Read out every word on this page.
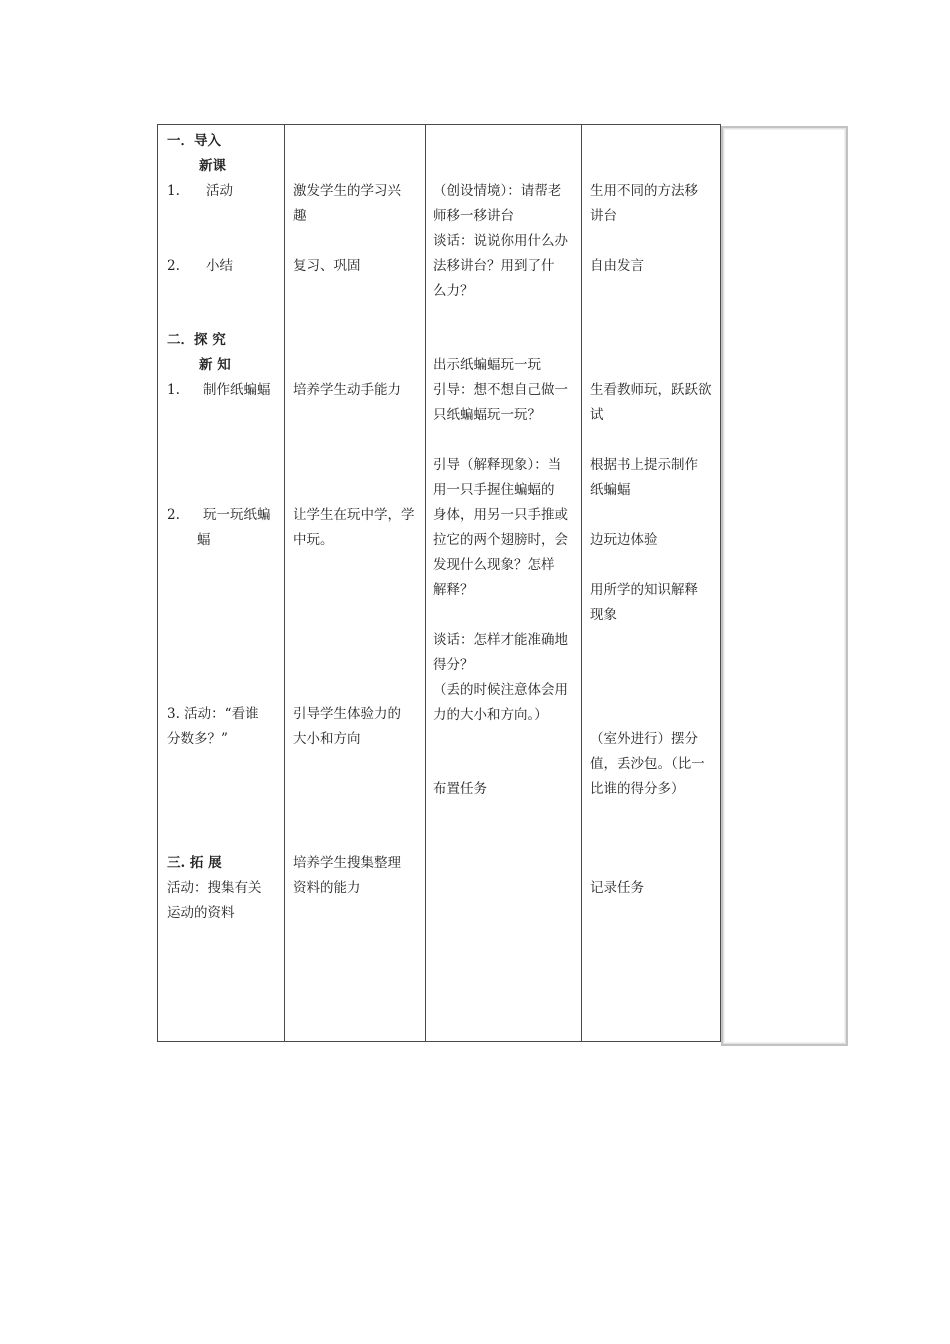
一．导入
新课
1. 活动
2. 小结
二．探 究
新 知
1. 制作纸蝙蝠
2. 玩一玩纸蝙
蝠
3. 活动：“看谁
分数多？”
三. 拓 展
活动：搜集有关
运动的资料
激发学生的学习兴
趣
复习、巩固
培养学生动手能力
让学生在玩中学，学
中玩。
引导学生体验力的
大小和方向
培养学生搜集整理
资料的能力
（创设情境）：请帮老
师移一移讲台
谈话：说说你用什么办
法移讲台？用到了什
么力？
出示纸蝙蝠玩一玩
引导：想不想自己做一
只纸蝙蝠玩一玩？
引导（解释现象）：当
用一只手握住蝙蝠的
身体，用另一只手推或
拉它的两个翅膀时，会
发现什么现象？怎样
解释？
谈话：怎样才能准确地
得分？
（丢的时候注意体会用
力的大小和方向。）
布置任务
生用不同的方法移
讲台
自由发言
生看教师玩，跃跃欲
试
根据书上提示制作
纸蝙蝠
边玩边体验
用所学的知识解释
现象
（室外进行）摆分
值，丢沙包。（比一
比谁的得分多）
记录任务
